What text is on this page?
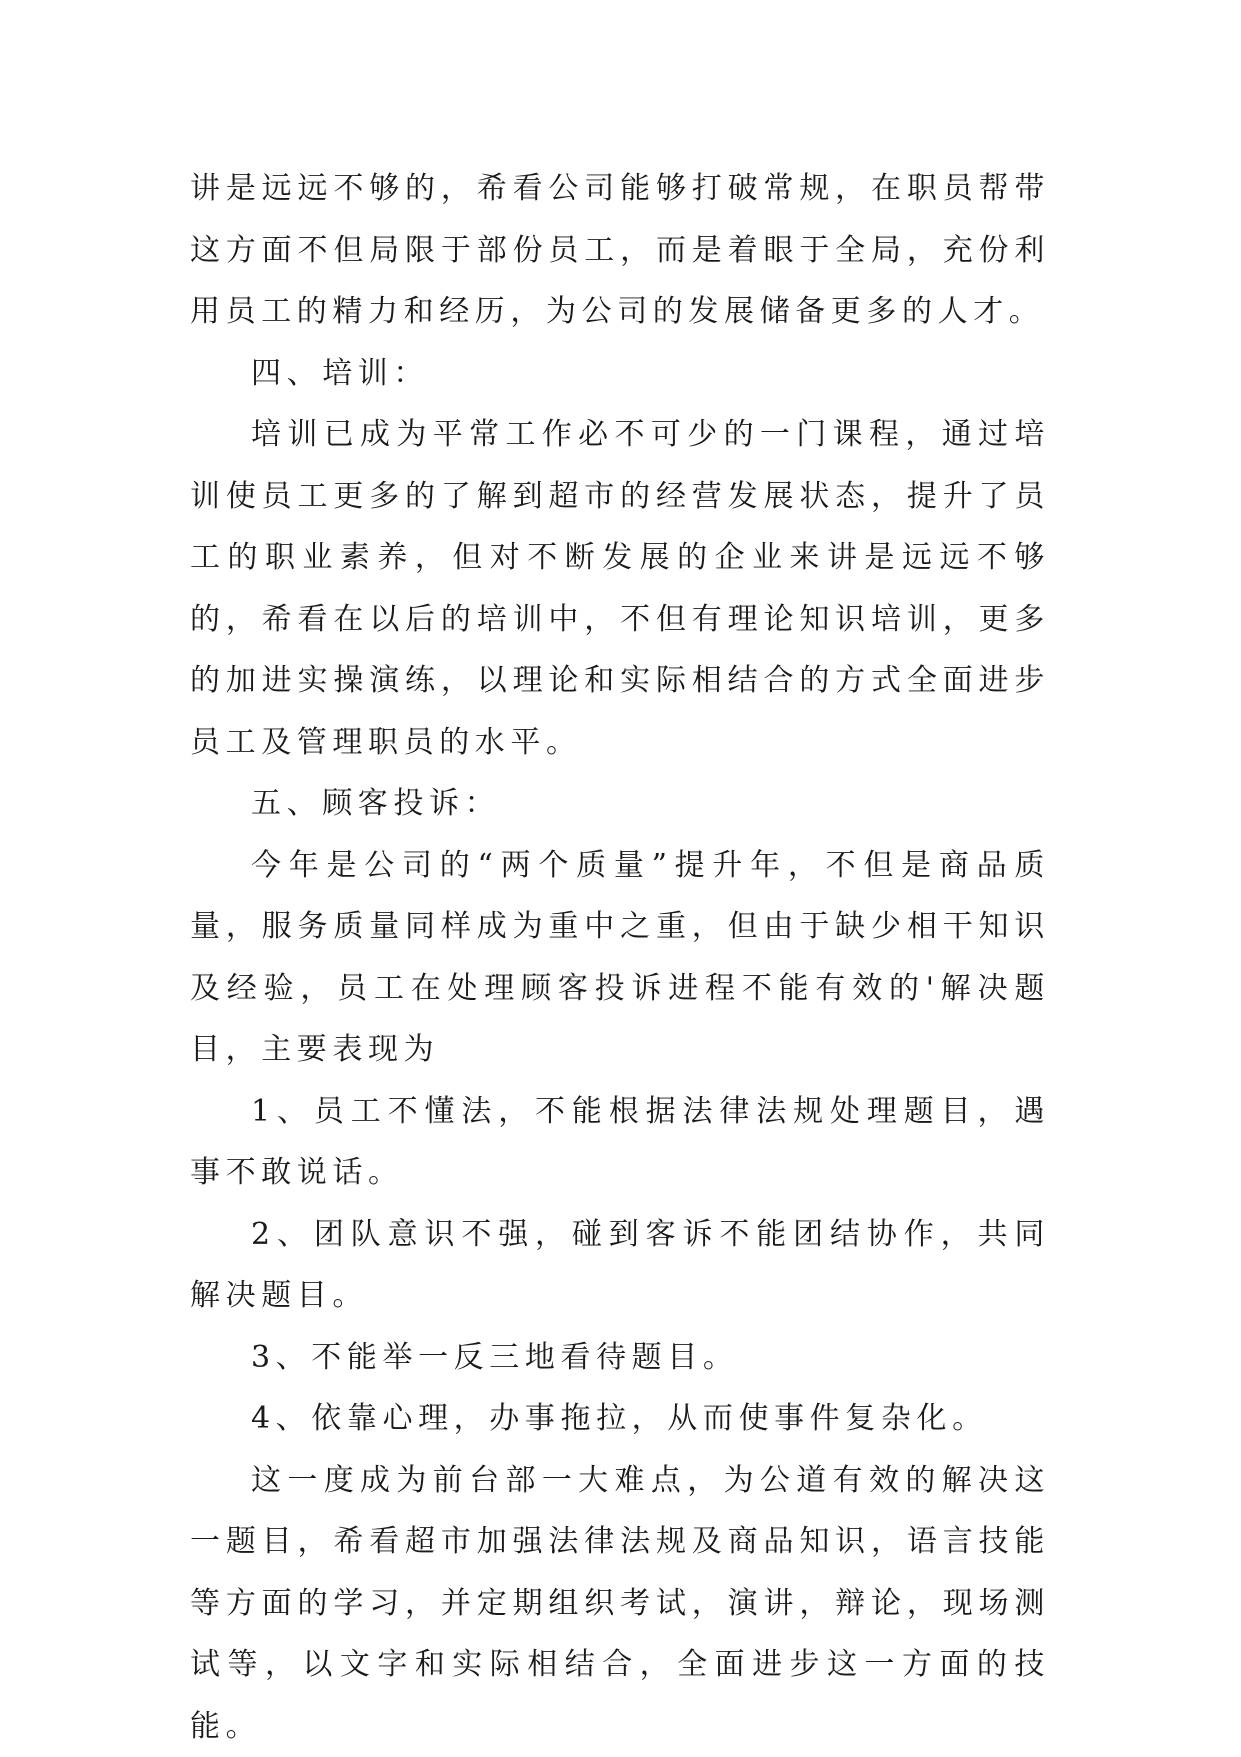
讲是远远不够的，希看公司能够打破常规，在职员帮带这方面不但局限于部份员工，而是着眼于全局，充份利用员工的精力和经历，为公司的发展储备更多的人才。

四、培训：

培训已成为平常工作必不可少的一门课程，通过培训使员工更多的了解到超市的经营发展状态，提升了员工的职业素养，但对不断发展的企业来讲是远远不够的，希看在以后的培训中，不但有理论知识培训，更多的加进实操演练，以理论和实际相结合的方式全面进步员工及管理职员的水平。

五、顾客投诉：

今年是公司的“两个质量”提升年，不但是商品质量，服务质量同样成为重中之重，但由于缺少相干知识及经验，员工在处理顾客投诉进程不能有效的'解决题目，主要表现为

1、员工不懂法，不能根据法律法规处理题目，遇事不敢说话。

2、团队意识不强，碰到客诉不能团结协作，共同解决题目。

3、不能举一反三地看待题目。

4、依靠心理，办事拖拉，从而使事件复杂化。

这一度成为前台部一大难点，为公道有效的解决这一题目，希看超市加强法律法规及商品知识，语言技能等方面的学习，并定期组织考试，演讲，辩论，现场测试等，以文字和实际相结合，全面进步这一方面的技能。
